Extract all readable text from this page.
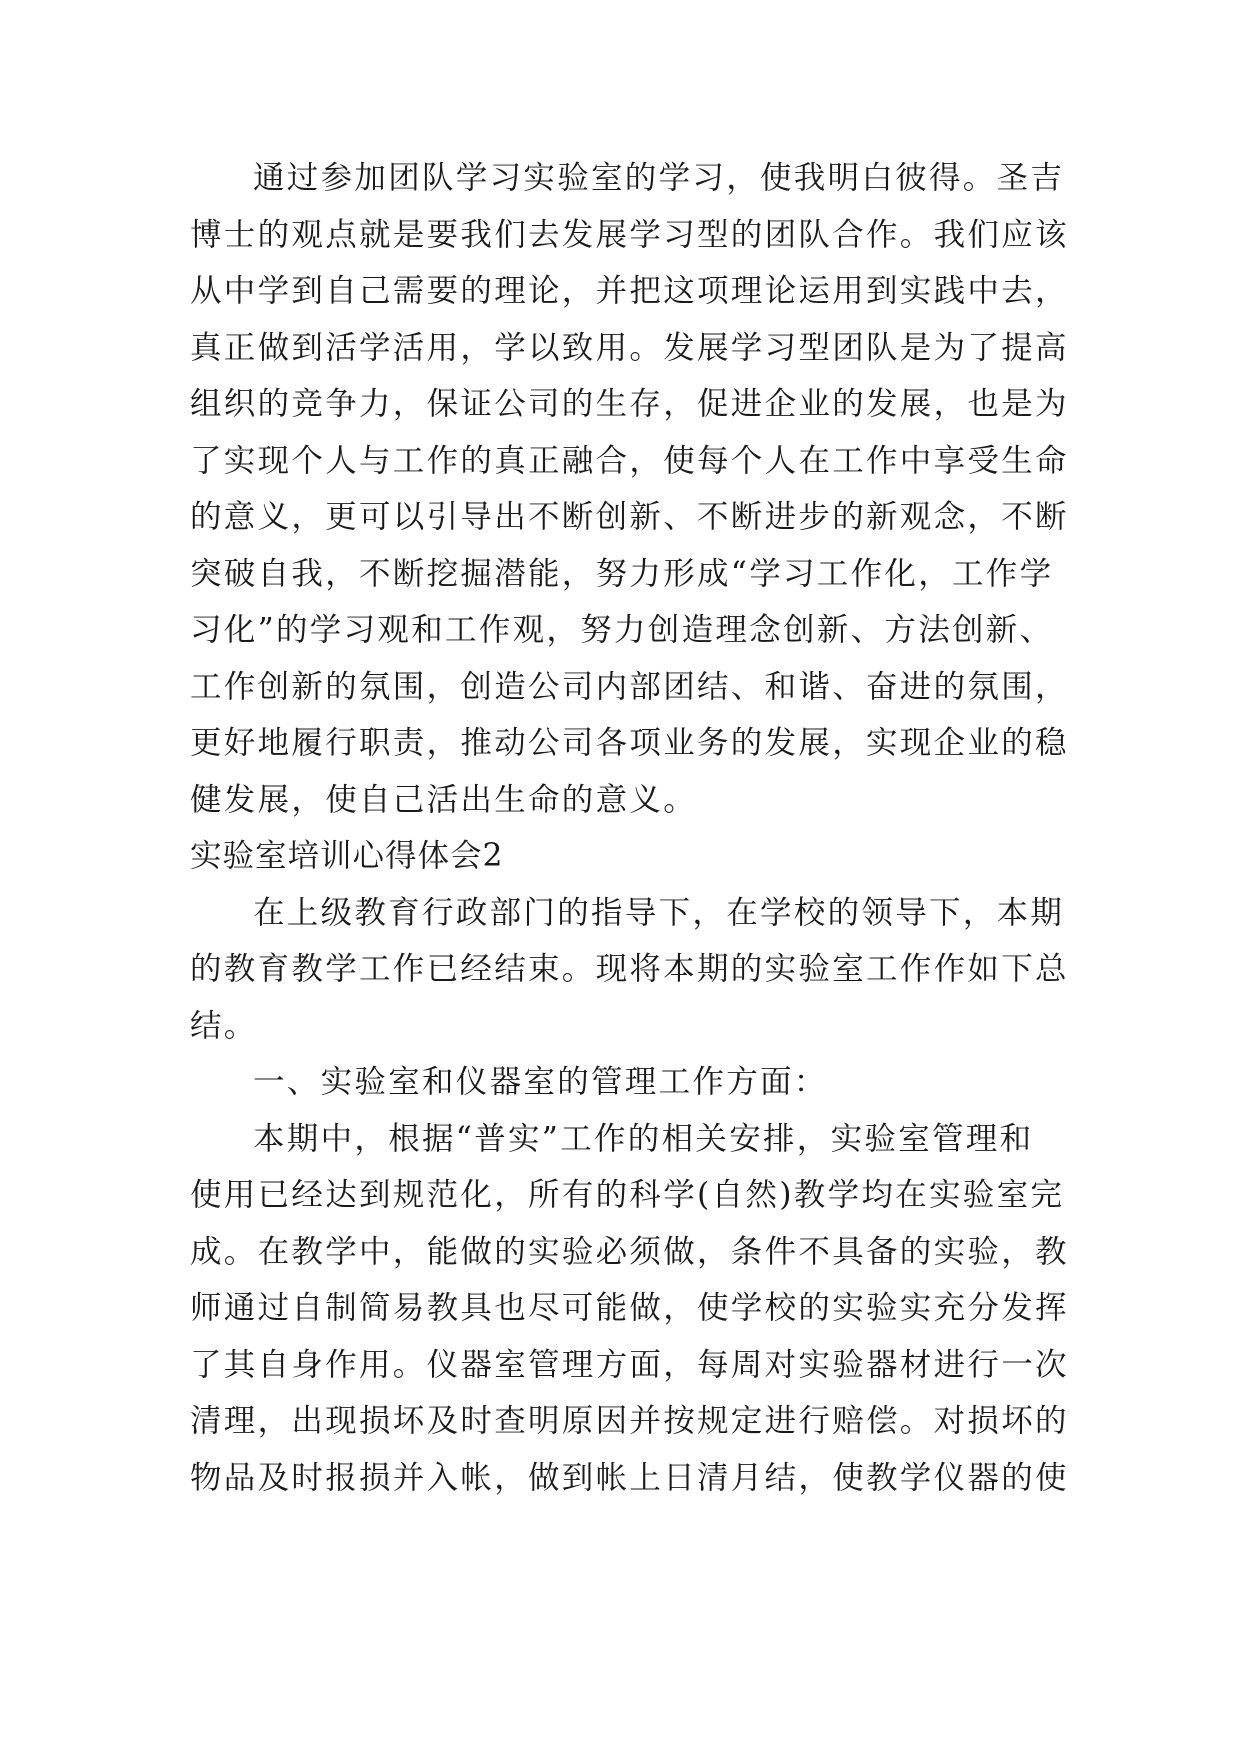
通过参加团队学习实验室的学习，使我明白彼得。圣吉
博士的观点就是要我们去发展学习型的团队合作。我们应该
从中学到自己需要的理论，并把这项理论运用到实践中去，
真正做到活学活用，学以致用。发展学习型团队是为了提高
组织的竞争力，保证公司的生存，促进企业的发展，也是为
了实现个人与工作的真正融合，使每个人在工作中享受生命
的意义，更可以引导出不断创新、不断进步的新观念，不断
突破自我，不断挖掘潜能，努力形成“学习工作化，工作学
习化”的学习观和工作观，努力创造理念创新、方法创新、
工作创新的氛围，创造公司内部团结、和谐、奋进的氛围，
更好地履行职责，推动公司各项业务的发展，实现企业的稳
健发展，使自己活出生命的意义。
实验室培训心得体会2
在上级教育行政部门的指导下，在学校的领导下，本期
的教育教学工作已经结束。现将本期的实验室工作作如下总
结。
一、实验室和仪器室的管理工作方面：
本期中，根据“普实”工作的相关安排，实验室管理和
使用已经达到规范化，所有的科学(自然)教学均在实验室完
成。在教学中，能做的实验必须做，条件不具备的实验，教
师通过自制简易教具也尽可能做，使学校的实验实充分发挥
了其自身作用。仪器室管理方面，每周对实验器材进行一次
清理，出现损坏及时查明原因并按规定进行赔偿。对损坏的
物品及时报损并入帐，做到帐上日清月结，使教学仪器的使
